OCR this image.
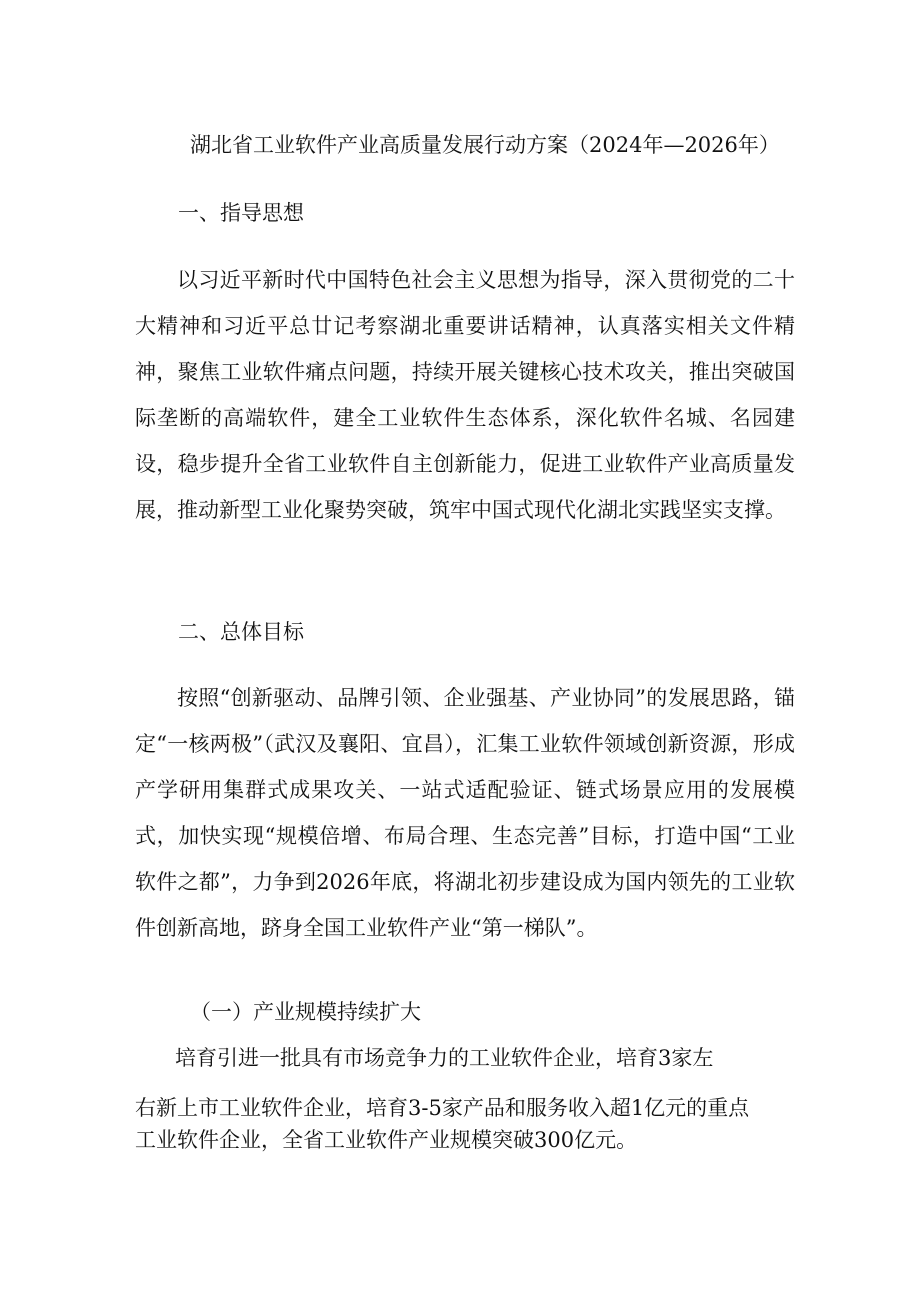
湖北省工业软件产业高质量发展行动方案（2024年—2026年）
一、指导思想
以习近平新时代中国特色社会主义思想为指导，深入贯彻党的二十大精神和习近平总廿记考察湖北重要讲话精神，认真落实相关文件精神，聚焦工业软件痛点问题，持续开展关键核心技术攻关，推出突破国际垄断的高端软件，建全工业软件生态体系，深化软件名城、名园建设，稳步提升全省工业软件自主创新能力，促进工业软件产业高质量发展，推动新型工业化聚势突破，筑牢中国式现代化湖北实践坚实支撑。
二、总体目标
按照“创新驱动、品牌引领、企业强基、产业协同”的发展思路，锚定“一核两极”（武汉及襄阳、宜昌），汇集工业软件领域创新资源，形成产学研用集群式成果攻关、一站式适配验证、链式场景应用的发展模式，加快实现“规模倍增、布局合理、生态完善”目标，打造中国“工业软件之都”，力争到2026年底，将湖北初步建设成为国内领先的工业软件创新高地，跻身全国工业软件产业“第一梯队”。
（一）产业规模持续扩大
培育引进一批具有市场竞争力的工业软件企业，培育3家左
右新上市工业软件企业，培育3-5家产品和服务收入超1亿元的重点
工业软件企业，全省工业软件产业规模突破300亿元。
